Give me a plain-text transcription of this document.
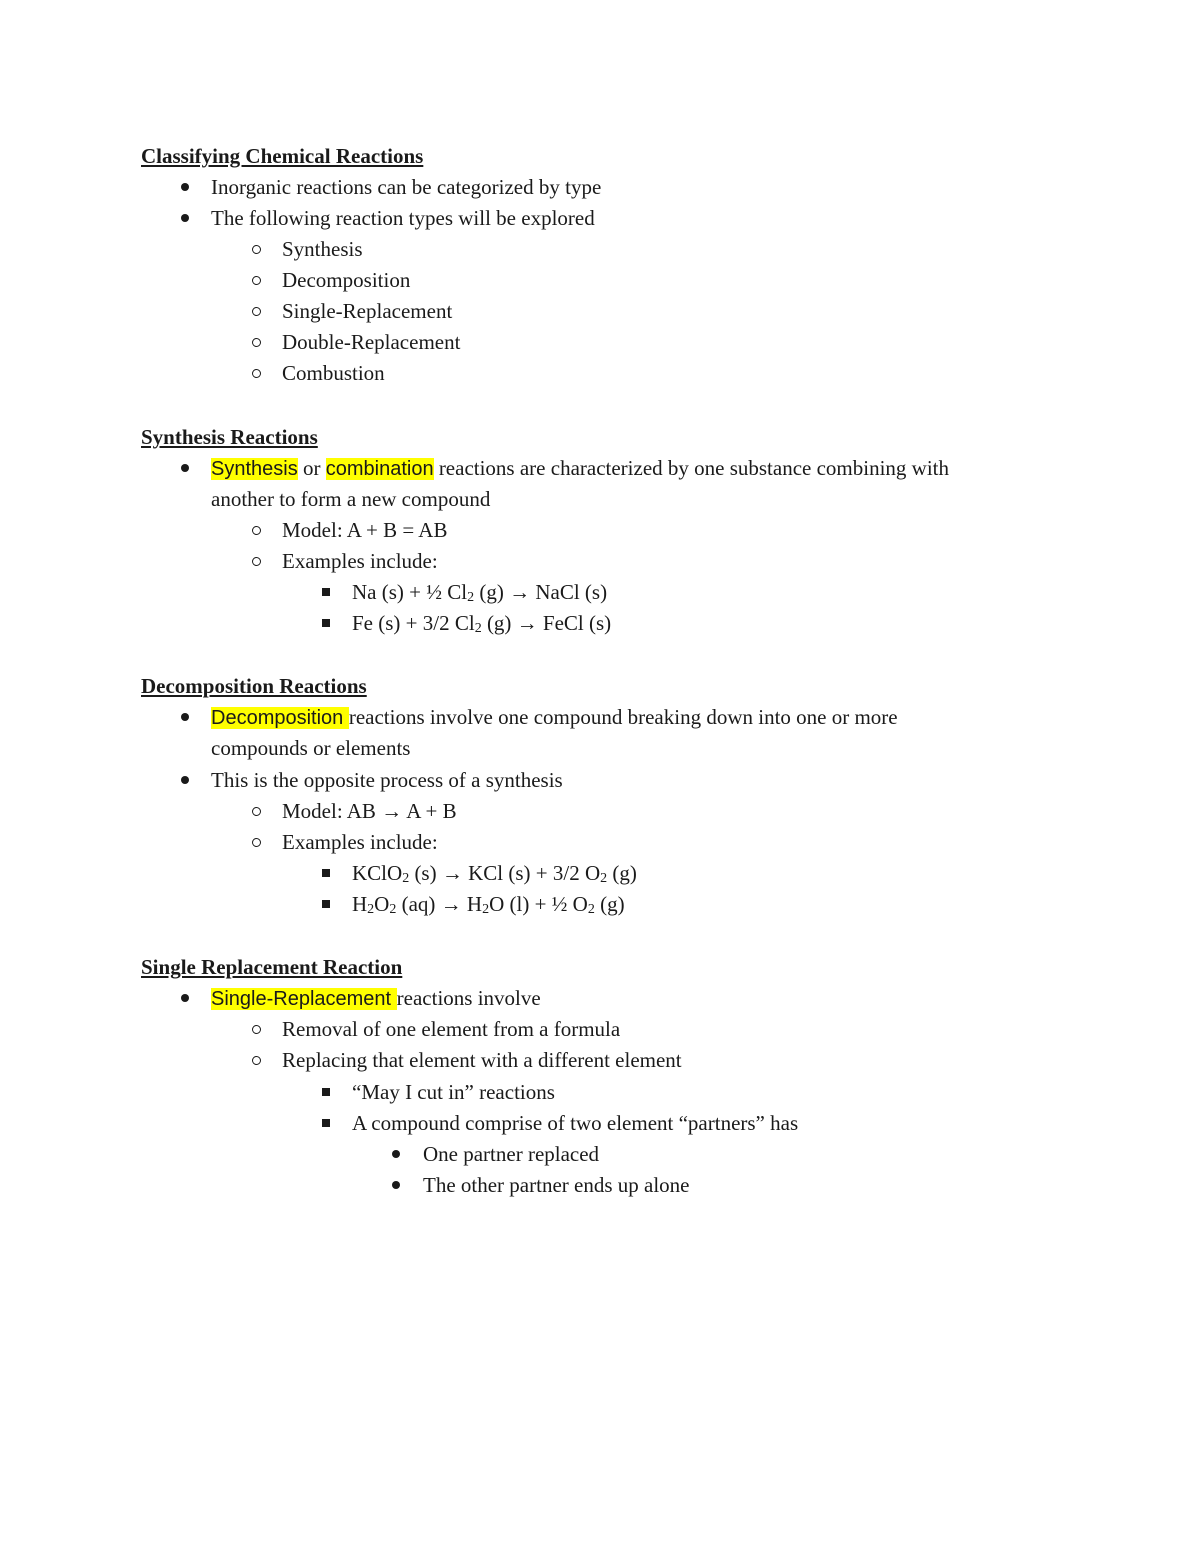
Classifying Chemical Reactions
Inorganic reactions can be categorized by type
The following reaction types will be explored
Synthesis
Decomposition
Single-Replacement
Double-Replacement
Combustion
Synthesis Reactions
Synthesis or combination reactions are characterized by one substance combining with
another to form a new compound
Model: A + B = AB
Examples include:
Na (s) + ½ Cl2 (g) → NaCl (s)
Fe (s) + 3/2 Cl2 (g) → FeCl (s)
Decomposition Reactions
Decomposition reactions involve one compound breaking down into one or more
compounds or elements
This is the opposite process of a synthesis
Model: AB → A + B
Examples include:
KClO2 (s) → KCl (s) + 3/2 O2 (g)
H2O2 (aq) → H2O (l) + ½ O2 (g)
Single Replacement Reaction
Single-Replacement reactions involve
Removal of one element from a formula
Replacing that element with a different element
“May I cut in” reactions
A compound comprise of two element “partners” has
One partner replaced
The other partner ends up alone
